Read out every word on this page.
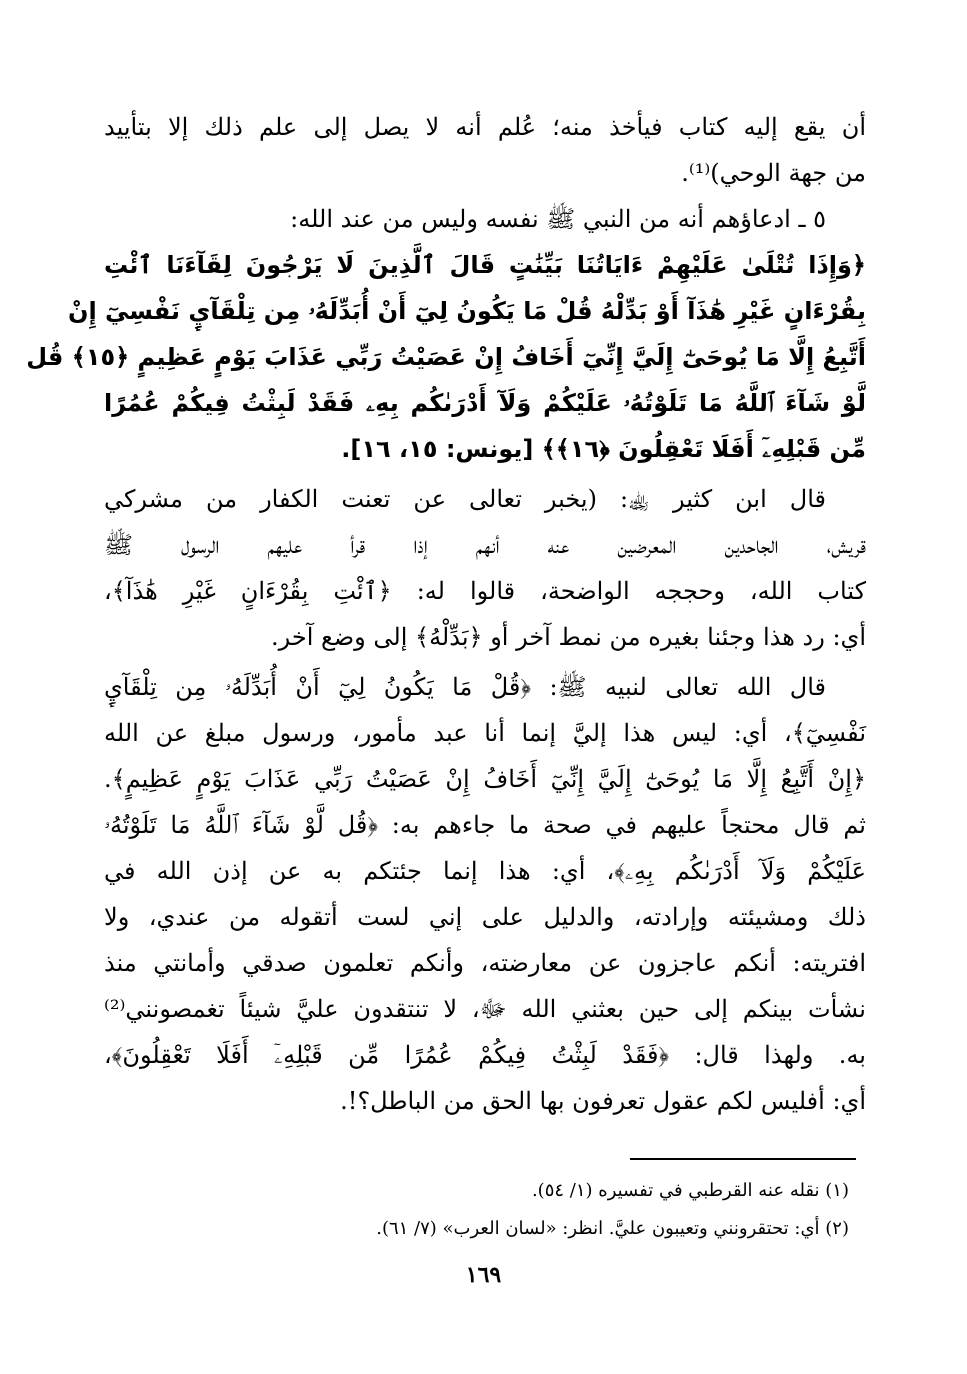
أن يقع إليه كتاب فيأخذ منه؛ عُلم أنه لا يصل إلى علم ذلك إلا بتأييد
من جهة الوحي)⁽¹⁾.
٥ ـ ادعاؤهم أنه من النبي ﷺ نفسه وليس من عند الله:
﴿وَإِذَا تُتْلَىٰ عَلَيْهِمْ ءَايَاتُنَا بَيِّنَٰتٍ قَالَ ٱلَّذِينَ لَا يَرْجُونَ لِقَآءَنَا ٱئْتِ
بِقُرْءَانٍ غَيْرِ هَٰذَآ أَوْ بَدِّلْهُ قُلْ مَا يَكُونُ لِيٓ أَنْ أُبَدِّلَهُۥ مِن تِلْقَآيِٕ نَفْسِيٓ إِنْ
أَتَّبِعُ إِلَّا مَا يُوحَىٰٓ إِلَيَّ إِنِّيٓ أَخَافُ إِنْ عَصَيْتُ رَبِّي عَذَابَ يَوْمٍ عَظِيمٍ ﴿١٥﴾ قُل
لَّوْ شَآءَ ٱللَّهُ مَا تَلَوْتُهُۥ عَلَيْكُمْ وَلَآ أَدْرَىٰكُم بِهِۦ فَقَدْ لَبِثْتُ فِيكُمْ عُمُرًا
مِّن قَبْلِهِۦٓ أَفَلَا تَعْقِلُونَ ﴿١٦﴾﴾ [يونس: ١٥، ١٦].
قال ابن كثير ﵀: (يخبر تعالى عن تعنت الكفار من مشركي
قريش، الجاحدين المعرضين عنه أنهم إذا قرأ عليهم الرسول ﷺ
كتاب الله، وحججه الواضحة، قالوا له: ﴿ٱئْتِ بِقُرْءَانٍ غَيْرِ هَٰذَآ﴾،
أي: رد هذا وجئنا بغيره من نمط آخر أو ﴿بَدِّلْهُ﴾ إلى وضع آخر.
قال الله تعالى لنبيه ﷺ: ﴿قُلْ مَا يَكُونُ لِيٓ أَنْ أُبَدِّلَهُۥ مِن تِلْقَآيِٕ
نَفْسِيٓ﴾، أي: ليس هذا إليَّ إنما أنا عبد مأمور، ورسول مبلغ عن الله
﴿إِنْ أَتَّبِعُ إِلَّا مَا يُوحَىٰٓ إِلَيَّ إِنِّيٓ أَخَافُ إِنْ عَصَيْتُ رَبِّي عَذَابَ يَوْمٍ عَظِيمٍ﴾.
ثم قال محتجاً عليهم في صحة ما جاءهم به: ﴿قُل لَّوْ شَآءَ ٱللَّهُ مَا تَلَوْتُهُۥ
عَلَيْكُمْ وَلَآ أَدْرَىٰكُم بِهِۦ﴾، أي: هذا إنما جئتكم به عن إذن الله في
ذلك ومشيئته وإرادته، والدليل على إني لست أتقوله من عندي، ولا
افتريته: أنكم عاجزون عن معارضته، وأنكم تعلمون صدقي وأمانتي منذ
نشأت بينكم إلى حين بعثني الله ﷻ، لا تنتقدون عليَّ شيئاً تغمصونني⁽²⁾
به. ولهذا قال: ﴿فَقَدْ لَبِثْتُ فِيكُمْ عُمُرًا مِّن قَبْلِهِۦٓ أَفَلَا تَعْقِلُونَ﴾،
أي: أفليس لكم عقول تعرفون بها الحق من الباطل؟!.
(١) نقله عنه القرطبي في تفسيره (١/ ٥٤).
(٢) أي: تحتقرونني وتعيبون عليَّ. انظر: «لسان العرب» (٧/ ٦١).
١٦٩
